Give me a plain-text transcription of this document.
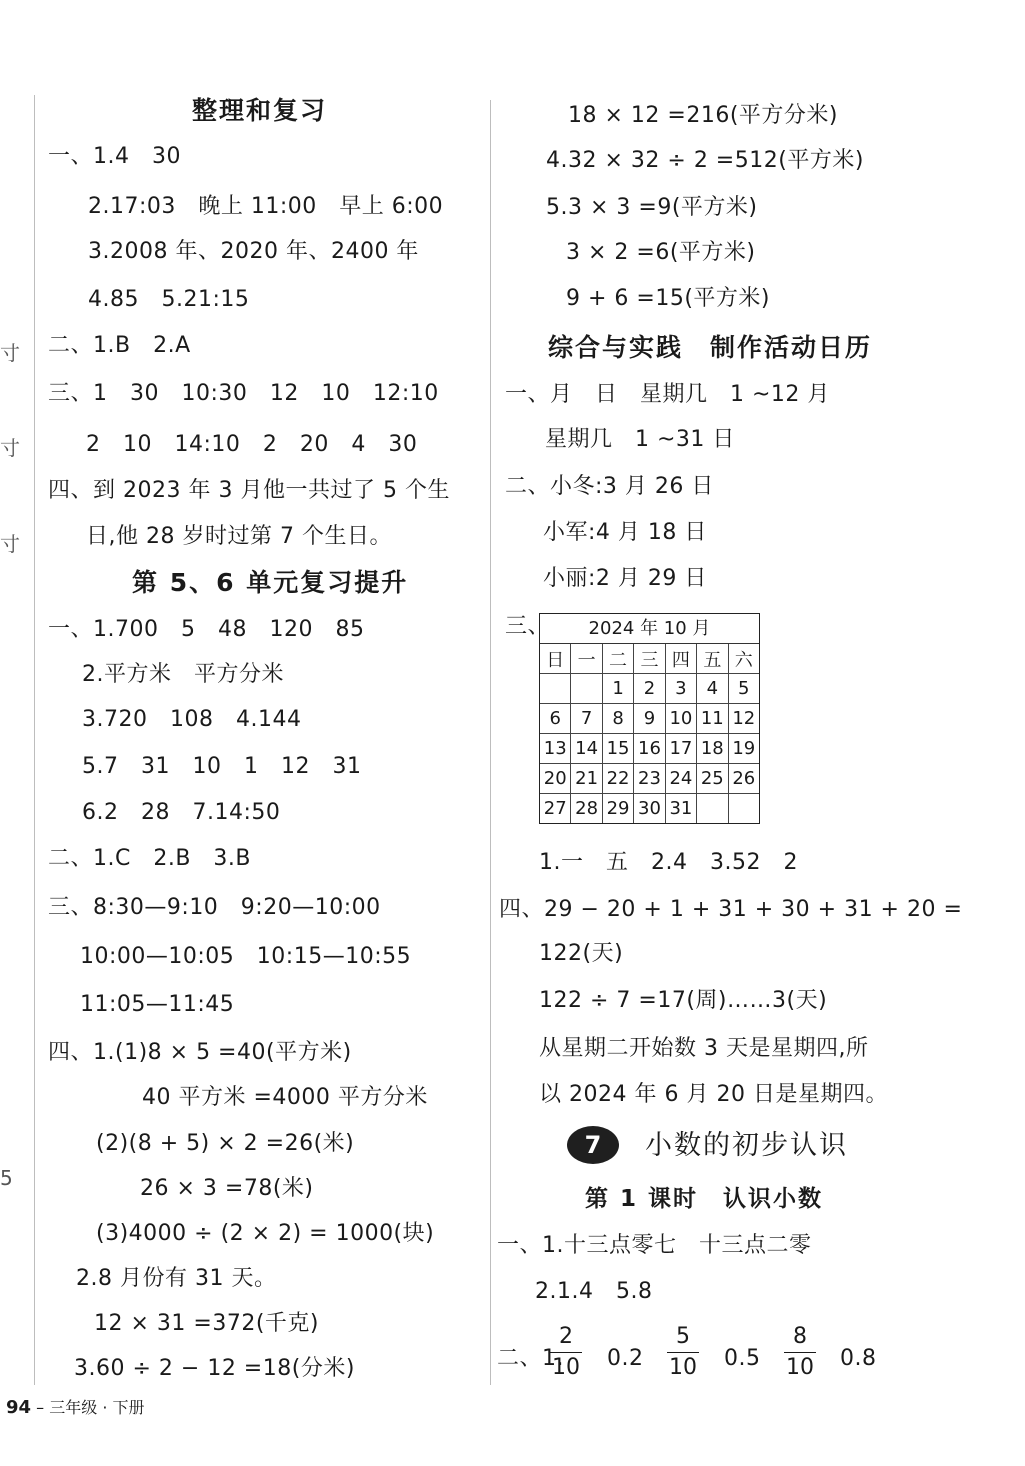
寸
寸
寸
5
整理和复习
一、1.4　30
2.17:03　晚上 11:00　早上 6:00
3.2008 年、2020 年、2400 年
4.85　5.21:15
二、1.B　2.A
三、1　30　10:30　12　10　12:10
2　10　14:10　2　20　4　30
四、到 2023 年 3 月他一共过了 5 个生
日,他 28 岁时过第 7 个生日。
第 5、6 单元复习提升
一、1.700　5　48　120　85
2.平方米　平方分米
3.720　108　4.144
5.7　31　10　1　12　31
6.2　28　7.14:50
二、1.C　2.B　3.B
三、8:30—9:10　9:20—10:00
10:00—10:05　10:15—10:55
11:05—11:45
四、1.(1)8 × 5 =40(平方米)
40 平方米 =4000 平方分米
(2)(8 + 5) × 2 =26(米)
26 × 3 =78(米)
(3)4000 ÷ (2 × 2) = 1000(块)
2.8 月份有 31 天。
12 × 31 =372(千克)
3.60 ÷ 2 − 12 =18(分米)
18 × 12 =216(平方分米)
4.32 × 32 ÷ 2 =512(平方米)
5.3 × 3 =9(平方米)
3 × 2 =6(平方米)
9 + 6 =15(平方米)
综合与实践　制作活动日历
一、月　日　星期几　1 ~12 月
星期几　1 ~31 日
二、小冬:3 月 26 日
小军:4 月 18 日
小丽:2 月 29 日
三、	2024 年 10 月
日	一	二	三	四	五	六
		1	2	3	4	5
6	7	8	9	10	11	12
13	14	15	16	17	18	19
20	21	22	23	24	25	26
27	28	29	30	31		
1.一　五　2.4　3.52　2
四、29 − 20 + 1 + 31 + 30 + 31 + 20 =
122(天)
122 ÷ 7 =17(周)……3(天)
从星期二开始数 3 天是星期四,所
以 2024 年 6 月 20 日是星期四。
7	小数的初步认识
第 1 课时　认识小数
一、1.十三点零七　十三点二零
2.1.4　5.8
二、1.
2
10 0.2
5
10 0.5
8
10 0.8
94 – 三年级 · 下册
